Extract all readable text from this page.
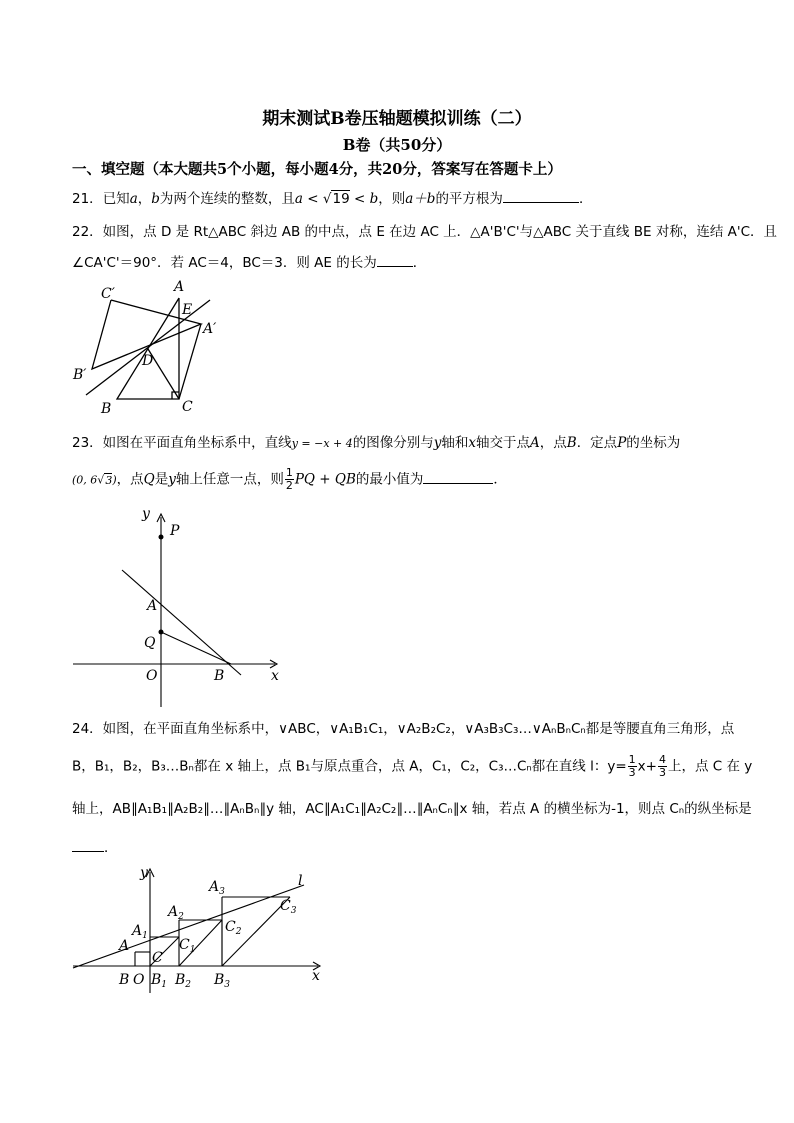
期末测试B卷压轴题模拟训练（二）
B卷（共50分）
一、填空题（本大题共5个小题，每小题4分，共20分，答案写在答题卡上）
21．已知a，b为两个连续的整数，且a < √19 < b，则a＋b的平方根为	．
22．如图，点 D 是 Rt△ABC 斜边 AB 的中点，点 E 在边 AC 上．△A'B'C'与△ABC 关于直线 BE 对称，连结 A'C．且
∠CA'C'＝90°．若 AC＝4，BC＝3．则 AE 的长为	．
C′	A
E
A′
D
B′
B	C
23．如图在平面直角坐标系中，直线y = −x + 4的图像分别与y轴和x轴交于点A，点B．定点P的坐标为
(0, 6√3)，点Q是y轴上任意一点，则 $\frac{1}{2}$ PQ + QB的最小值为	．
y
P
A
Q
O	B	x
24．如图，在平面直角坐标系中，∨ABC，∨A₁B₁C₁，∨A₂B₂C₂，∨A₃B₃C₃…∨AₙBₙCₙ都是等腰直角三角形，点
B，B₁，B₂，B₃…Bₙ都在 x 轴上，点 B₁与原点重合，点 A，C₁，C₂，C₃…Cₙ都在直线 l：$y= \frac{1}{3} x+ \frac{4}{3}$ 上，点 C 在 y
轴上，AB∥A₁B₁∥A₂B₂∥…∥AₙBₙ∥y 轴，AC∥A₁C₁∥A₂C₂∥…∥AₙCₙ∥x 轴，若点 A 的横坐标为-1，则点 Cₙ的纵坐标是
．
y
x
l
A
$A_1$
$A_2$
$A_3$
C
$C_1$
$C_2$
$C_3$
B O $B_1$ $B_2$ $B_3$
